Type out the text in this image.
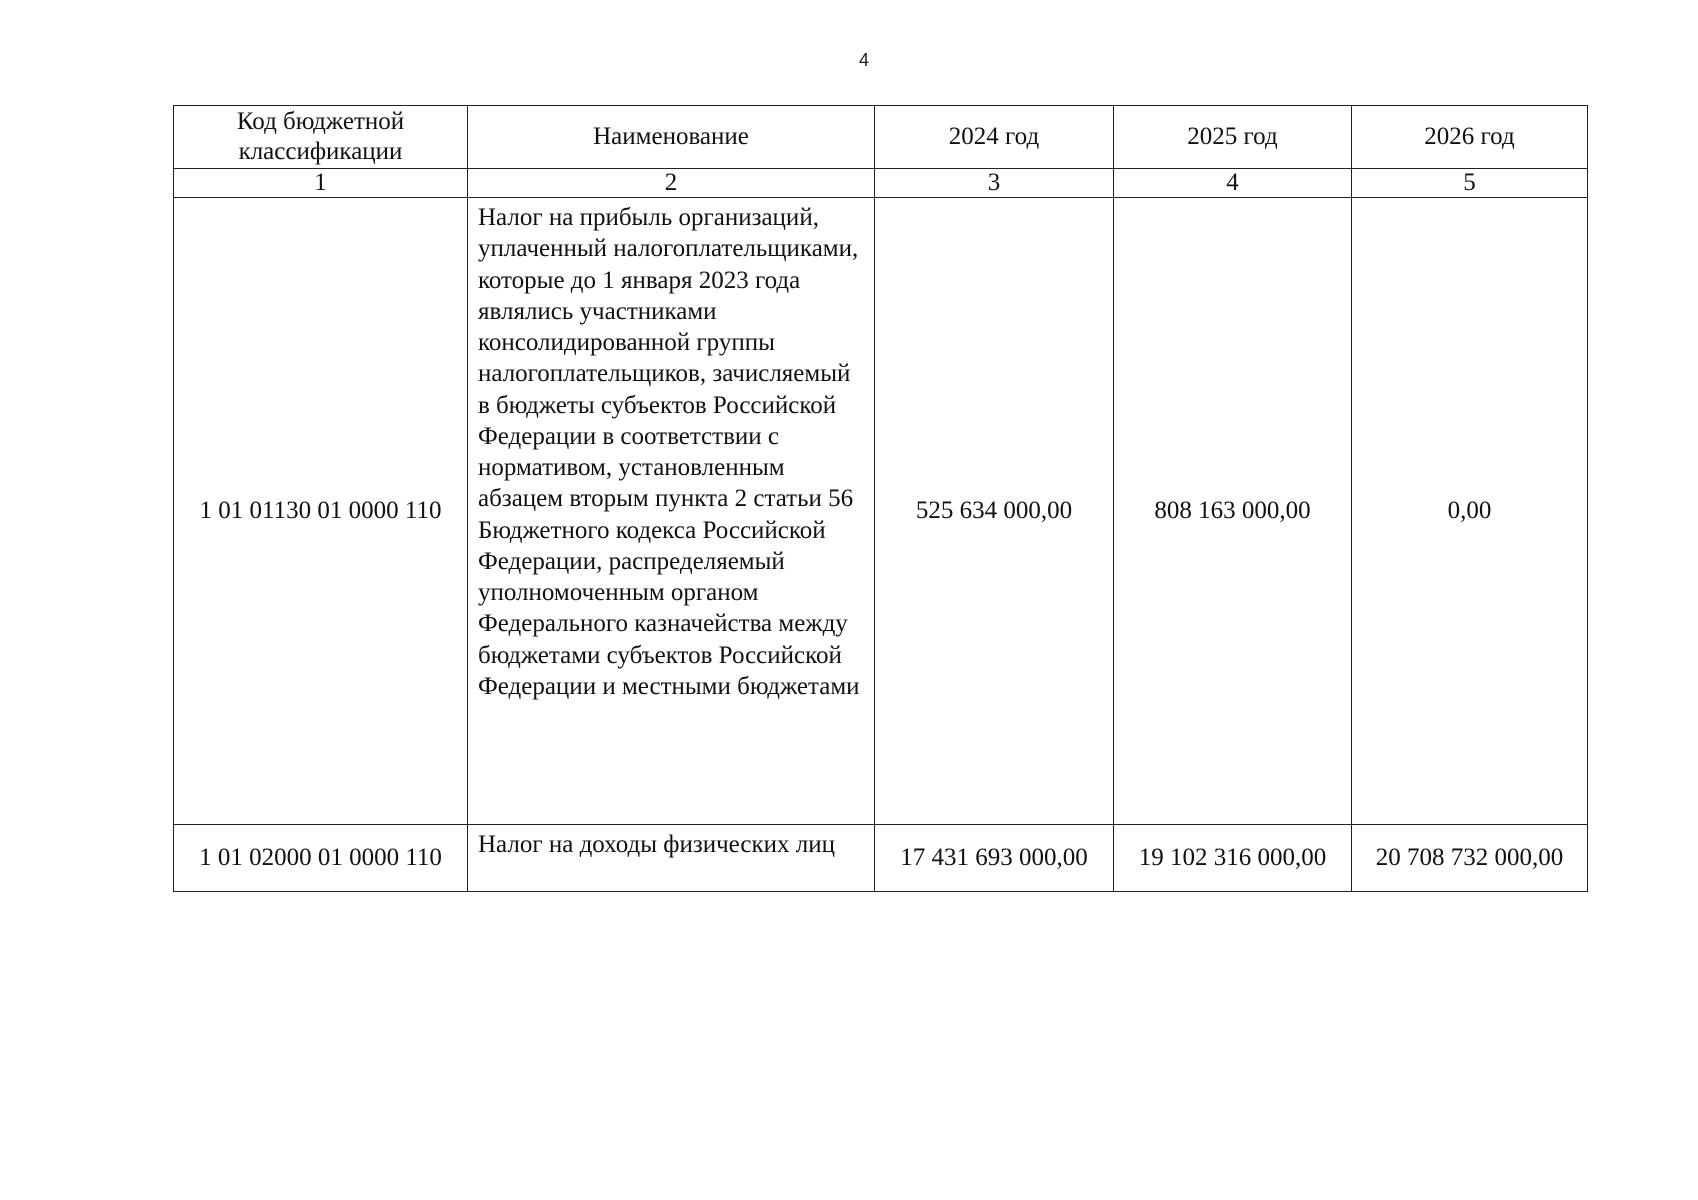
4
Код бюджетной классификации	Наименование	2024 год	2025 год	2026 год
1	2	3	4	5
1 01 01130 01 0000 110	Налог на прибыль организаций, уплаченный налогоплательщиками, которые до 1 января 2023 года являлись участниками консолидированной группы налогоплательщиков, зачисляемый в бюджеты субъектов Российской Федерации в соответствии с нормативом, установленным абзацем вторым пункта 2 статьи 56 Бюджетного кодекса Российской Федерации, распределяемый уполномоченным органом Федерального казначейства между бюджетами субъектов Российской Федерации и местными бюджетами	525 634 000,00	808 163 000,00	0,00
1 01 02000 01 0000 110	Налог на доходы физических лиц	17 431 693 000,00	19 102 316 000,00	20 708 732 000,00
